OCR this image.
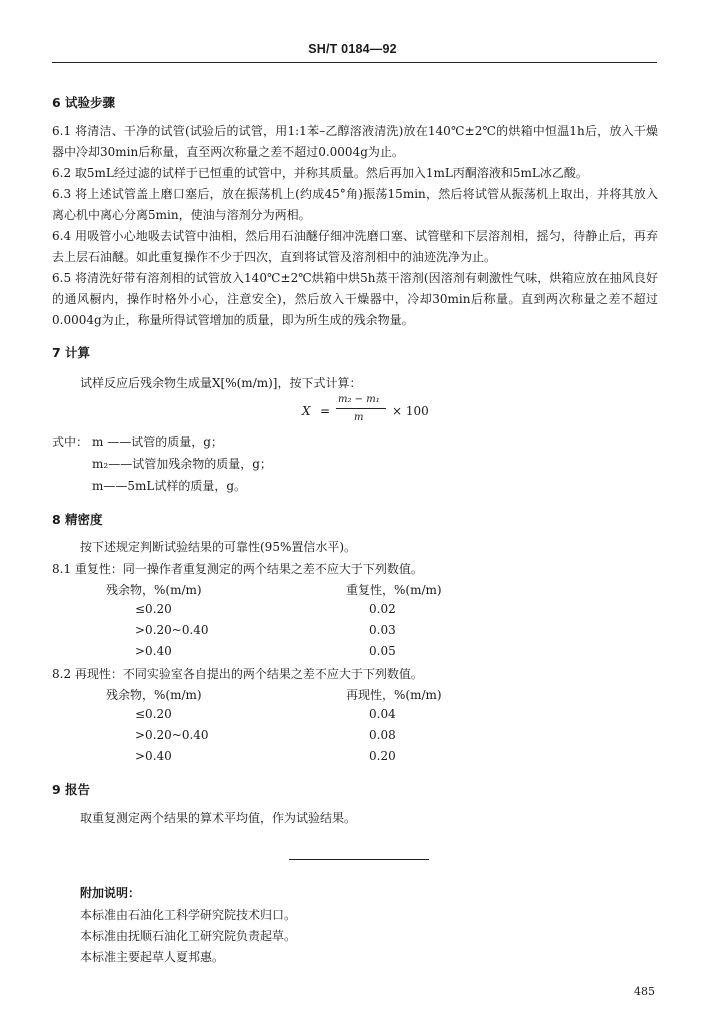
SH/T 0184—92
6 试验步骤
6.1 将清洁、干净的试管(试验后的试管，用1:1苯–乙醇溶液清洗)放在140℃±2℃的烘箱中恒温1h后，放入干燥器中冷却30min后称量，直至两次称量之差不超过0.0004g为止。
6.2 取5mL经过滤的试样于已恒重的试管中，并称其质量。然后再加入1mL丙酮溶液和5mL冰乙酸。
6.3 将上述试管盖上磨口塞后，放在振荡机上(约成45°角)振荡15min，然后将试管从振荡机上取出，并将其放入离心机中离心分离5min，使油与溶剂分为两相。
6.4 用吸管小心地吸去试管中油相，然后用石油醚仔细冲洗磨口塞、试管壁和下层溶剂相，摇匀，待静止后，再弃去上层石油醚。如此重复操作不少于四次，直到将试管及溶剂相中的油迹洗净为止。
6.5 将清洗好带有溶剂相的试管放入140℃±2℃烘箱中烘5h蒸干溶剂(因溶剂有刺激性气味，烘箱应放在抽风良好的通风橱内，操作时格外小心，注意安全)，然后放入干燥器中，冷却30min后称量。直到两次称量之差不超过0.0004g为止，称量所得试管增加的质量，即为所生成的残余物量。
7 计算
试样反应后残余物生成量X[%(m/m)]，按下式计算：
X =
m₂ − m₁
m × 100
式中： m ——试管的质量，g；
m₂——试管加残余物的质量，g；
m——5mL试样的质量，g。
8 精密度
按下述规定判断试验结果的可靠性(95%置信水平)。
8.1 重复性：同一操作者重复测定的两个结果之差不应大于下列数值。
残余物，%(m/m)	重复性，%(m/m)
≤0.20	0.02
>0.20~0.40	0.03
>0.40	0.05
8.2 再现性：不同实验室各自提出的两个结果之差不应大于下列数值。
残余物，%(m/m)	再现性，%(m/m)
≤0.20	0.04
>0.20~0.40	0.08
>0.40	0.20
9 报告
取重复测定两个结果的算术平均值，作为试验结果。
附加说明：
本标准由石油化工科学研究院技术归口。
本标准由抚顺石油化工研究院负责起草。
本标准主要起草人夏邦惠。
485
